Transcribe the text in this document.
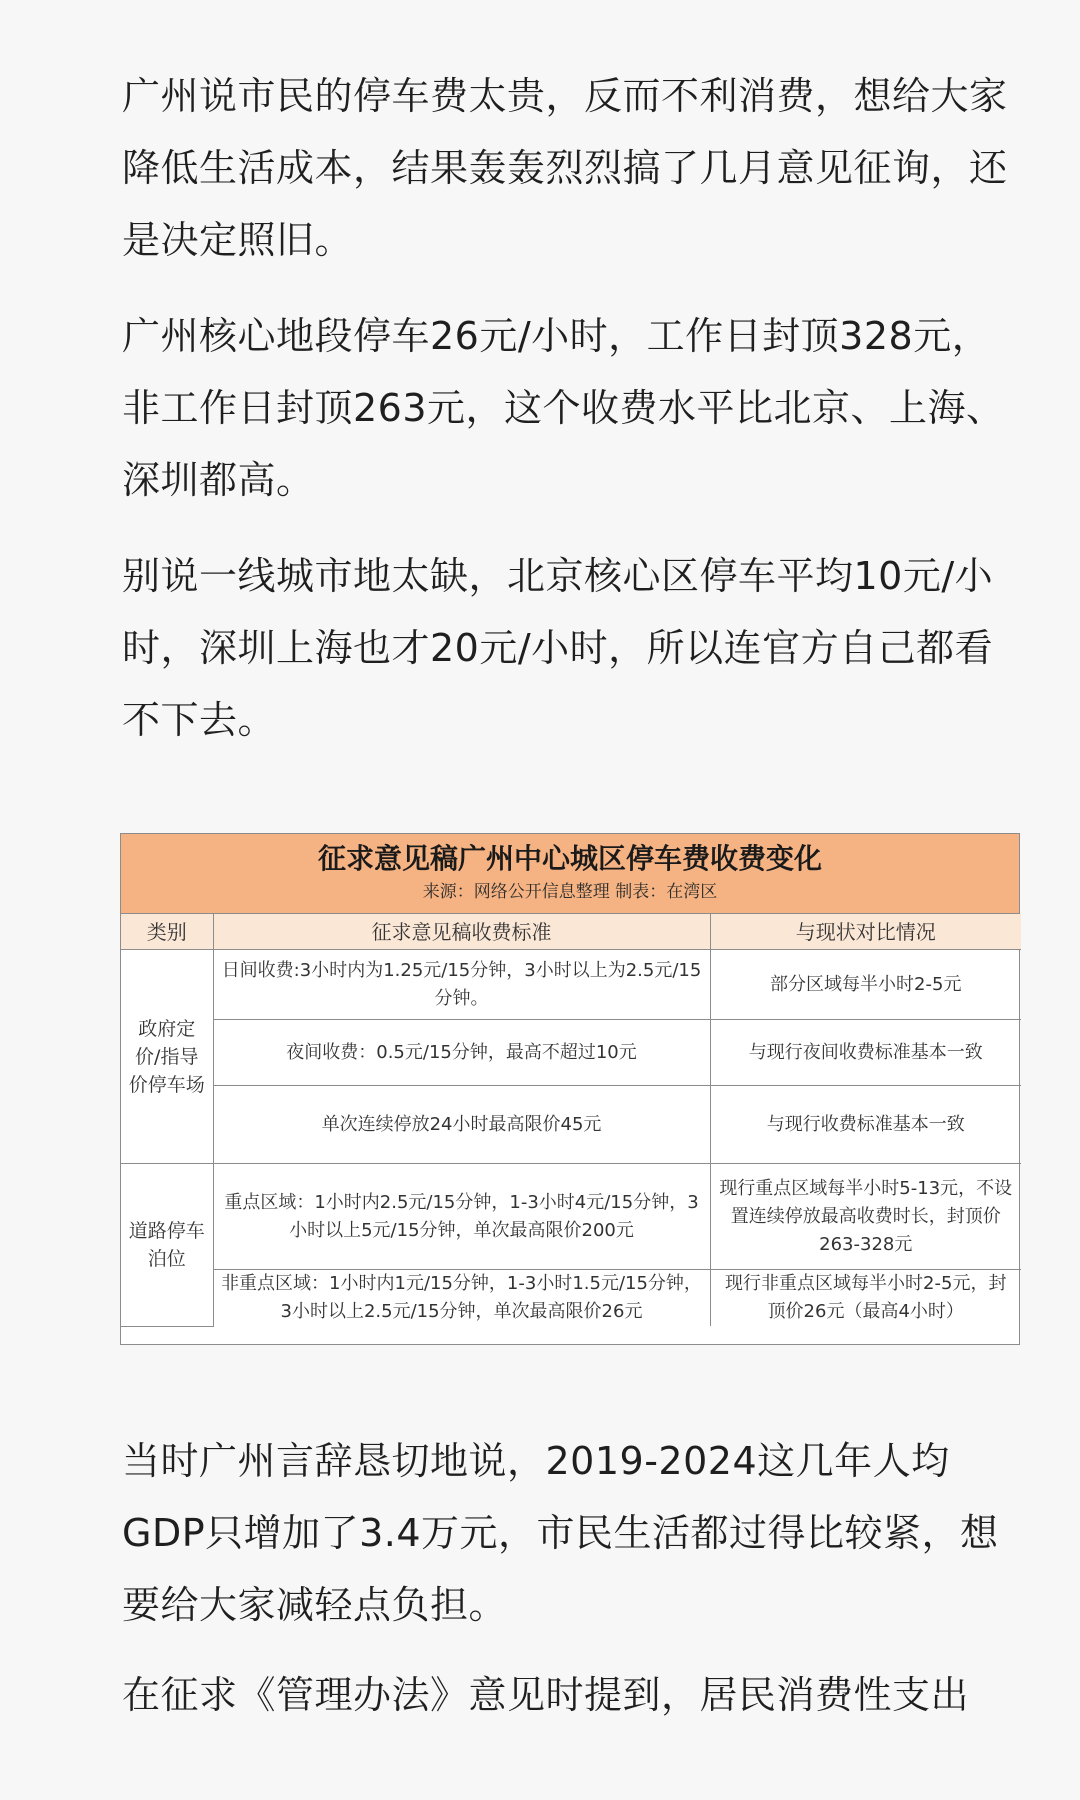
广州说市民的停车费太贵，反而不利消费，想给大家降低生活成本，结果轰轰烈烈搞了几月意见征询，还是决定照旧。

广州核心地段停车26元/小时，工作日封顶328元，非工作日封顶263元，这个收费水平比北京、上海、深圳都高。

别说一线城市地太缺，北京核心区停车平均10元/小时，深圳上海也才20元/小时，所以连官方自己都看不下去。

征求意见稿广州中心城区停车费收费变化
来源：网络公开信息整理 制表：在湾区
类别	征求意见稿收费标准	与现状对比情况
政府定价/指导价停车场	日间收费:3小时内为1.25元/15分钟，3小时以上为2.5元/15分钟。	部分区域每半小时2-5元
	夜间收费：0.5元/15分钟，最高不超过10元	与现行夜间收费标准基本一致
	单次连续停放24小时最高限价45元	与现行收费标准基本一致
道路停车泊位	重点区域：1小时内2.5元/15分钟，1-3小时4元/15分钟，3小时以上5元/15分钟，单次最高限价200元	现行重点区域每半小时5-13元，不设置连续停放最高收费时长，封顶价263-328元
	非重点区域：1小时内1元/15分钟，1-3小时1.5元/15分钟，3小时以上2.5元/15分钟，单次最高限价26元	现行非重点区域每半小时2-5元，封顶价26元（最高4小时）

当时广州言辞恳切地说，2019-2024这几年人均GDP只增加了3.4万元，市民生活都过得比较紧，想要给大家减轻点负担。

在征求《管理办法》意见时提到，居民消费性支出
